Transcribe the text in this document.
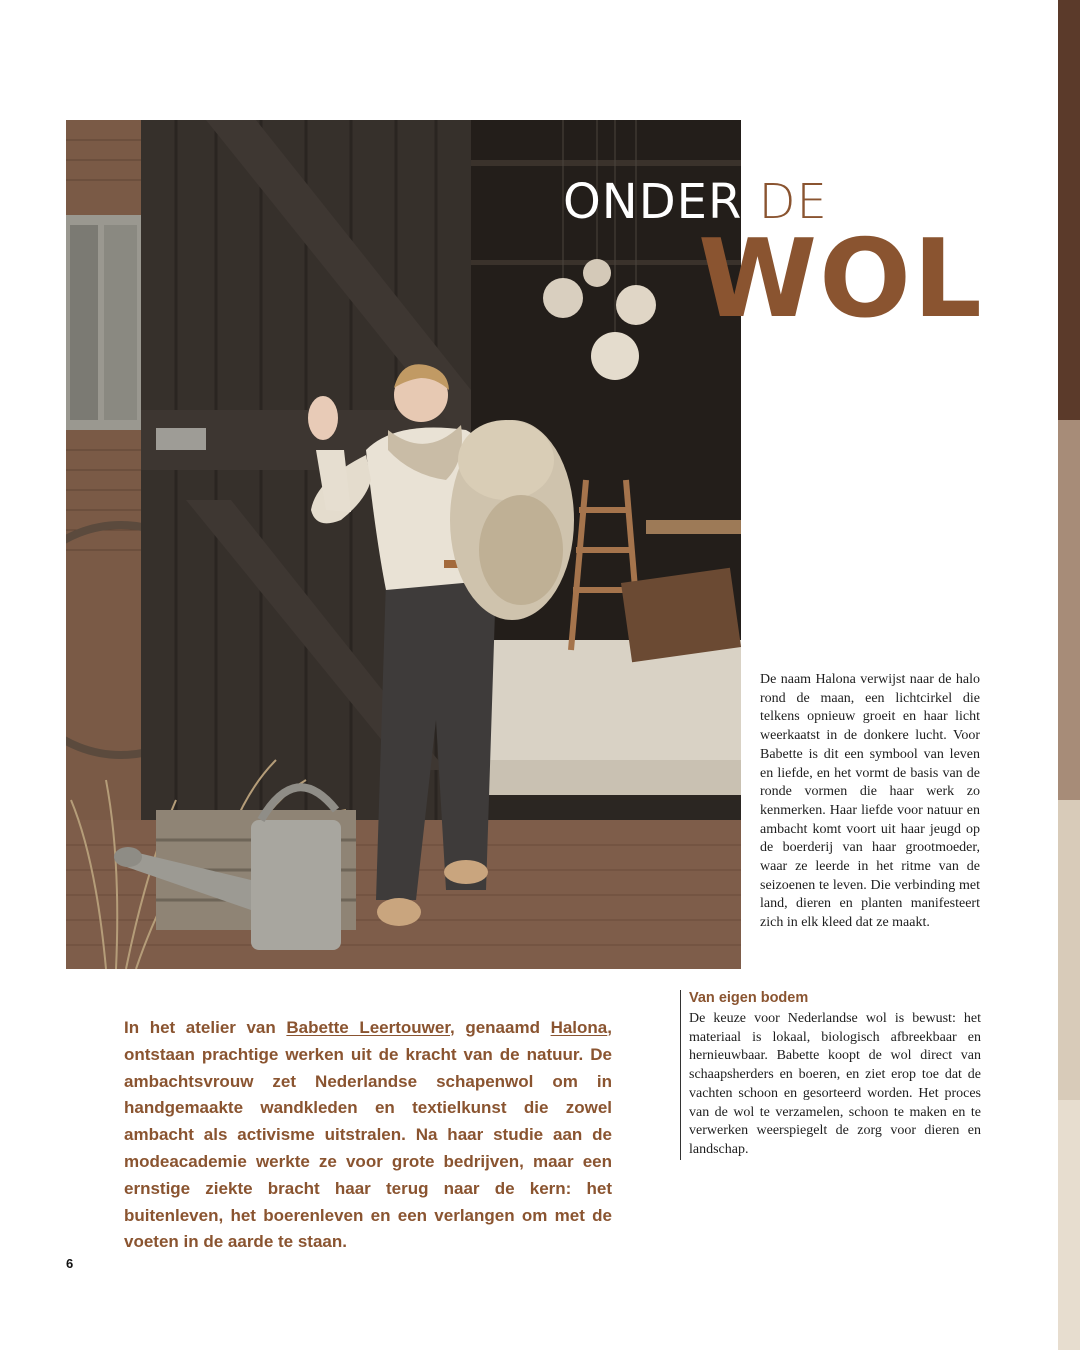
ONDER DE
WOL
De naam Halona verwijst naar de halo rond de maan, een lichtcirkel die telkens opnieuw groeit en haar licht weerkaatst in de donkere lucht. Voor Babette is dit een symbool van leven en liefde, en het vormt de basis van de ronde vormen die haar werk zo kenmerken. Haar liefde voor natuur en ambacht komt voort uit haar jeugd op de boerderij van haar grootmoeder, waar ze leerde in het ritme van de seizoenen te leven. Die verbinding met land, dieren en planten manifesteert zich in elk kleed dat ze maakt.
In het atelier van Babette Leertouwer, genaamd Halona, ontstaan prachtige werken uit de kracht van de natuur. De ambachtsvrouw zet Nederlandse schapenwol om in handgemaakte wandkleden en textielkunst die zowel ambacht als activisme uitstralen. Na haar studie aan de modeacademie werkte ze voor grote bedrijven, maar een ernstige ziekte bracht haar terug naar de kern: het buitenleven, het boerenleven en een verlangen om met de voeten in de aarde te staan.
Van eigen bodem
De keuze voor Nederlandse wol is bewust: het materiaal is lokaal, biologisch afbreekbaar en hernieuwbaar. Babette koopt de wol direct van schaapsherders en boeren, en ziet erop toe dat de vachten schoon en gesorteerd worden. Het proces van de wol te verzamelen, schoon te maken en te verwerken weerspiegelt de zorg voor dieren en landschap.
6
